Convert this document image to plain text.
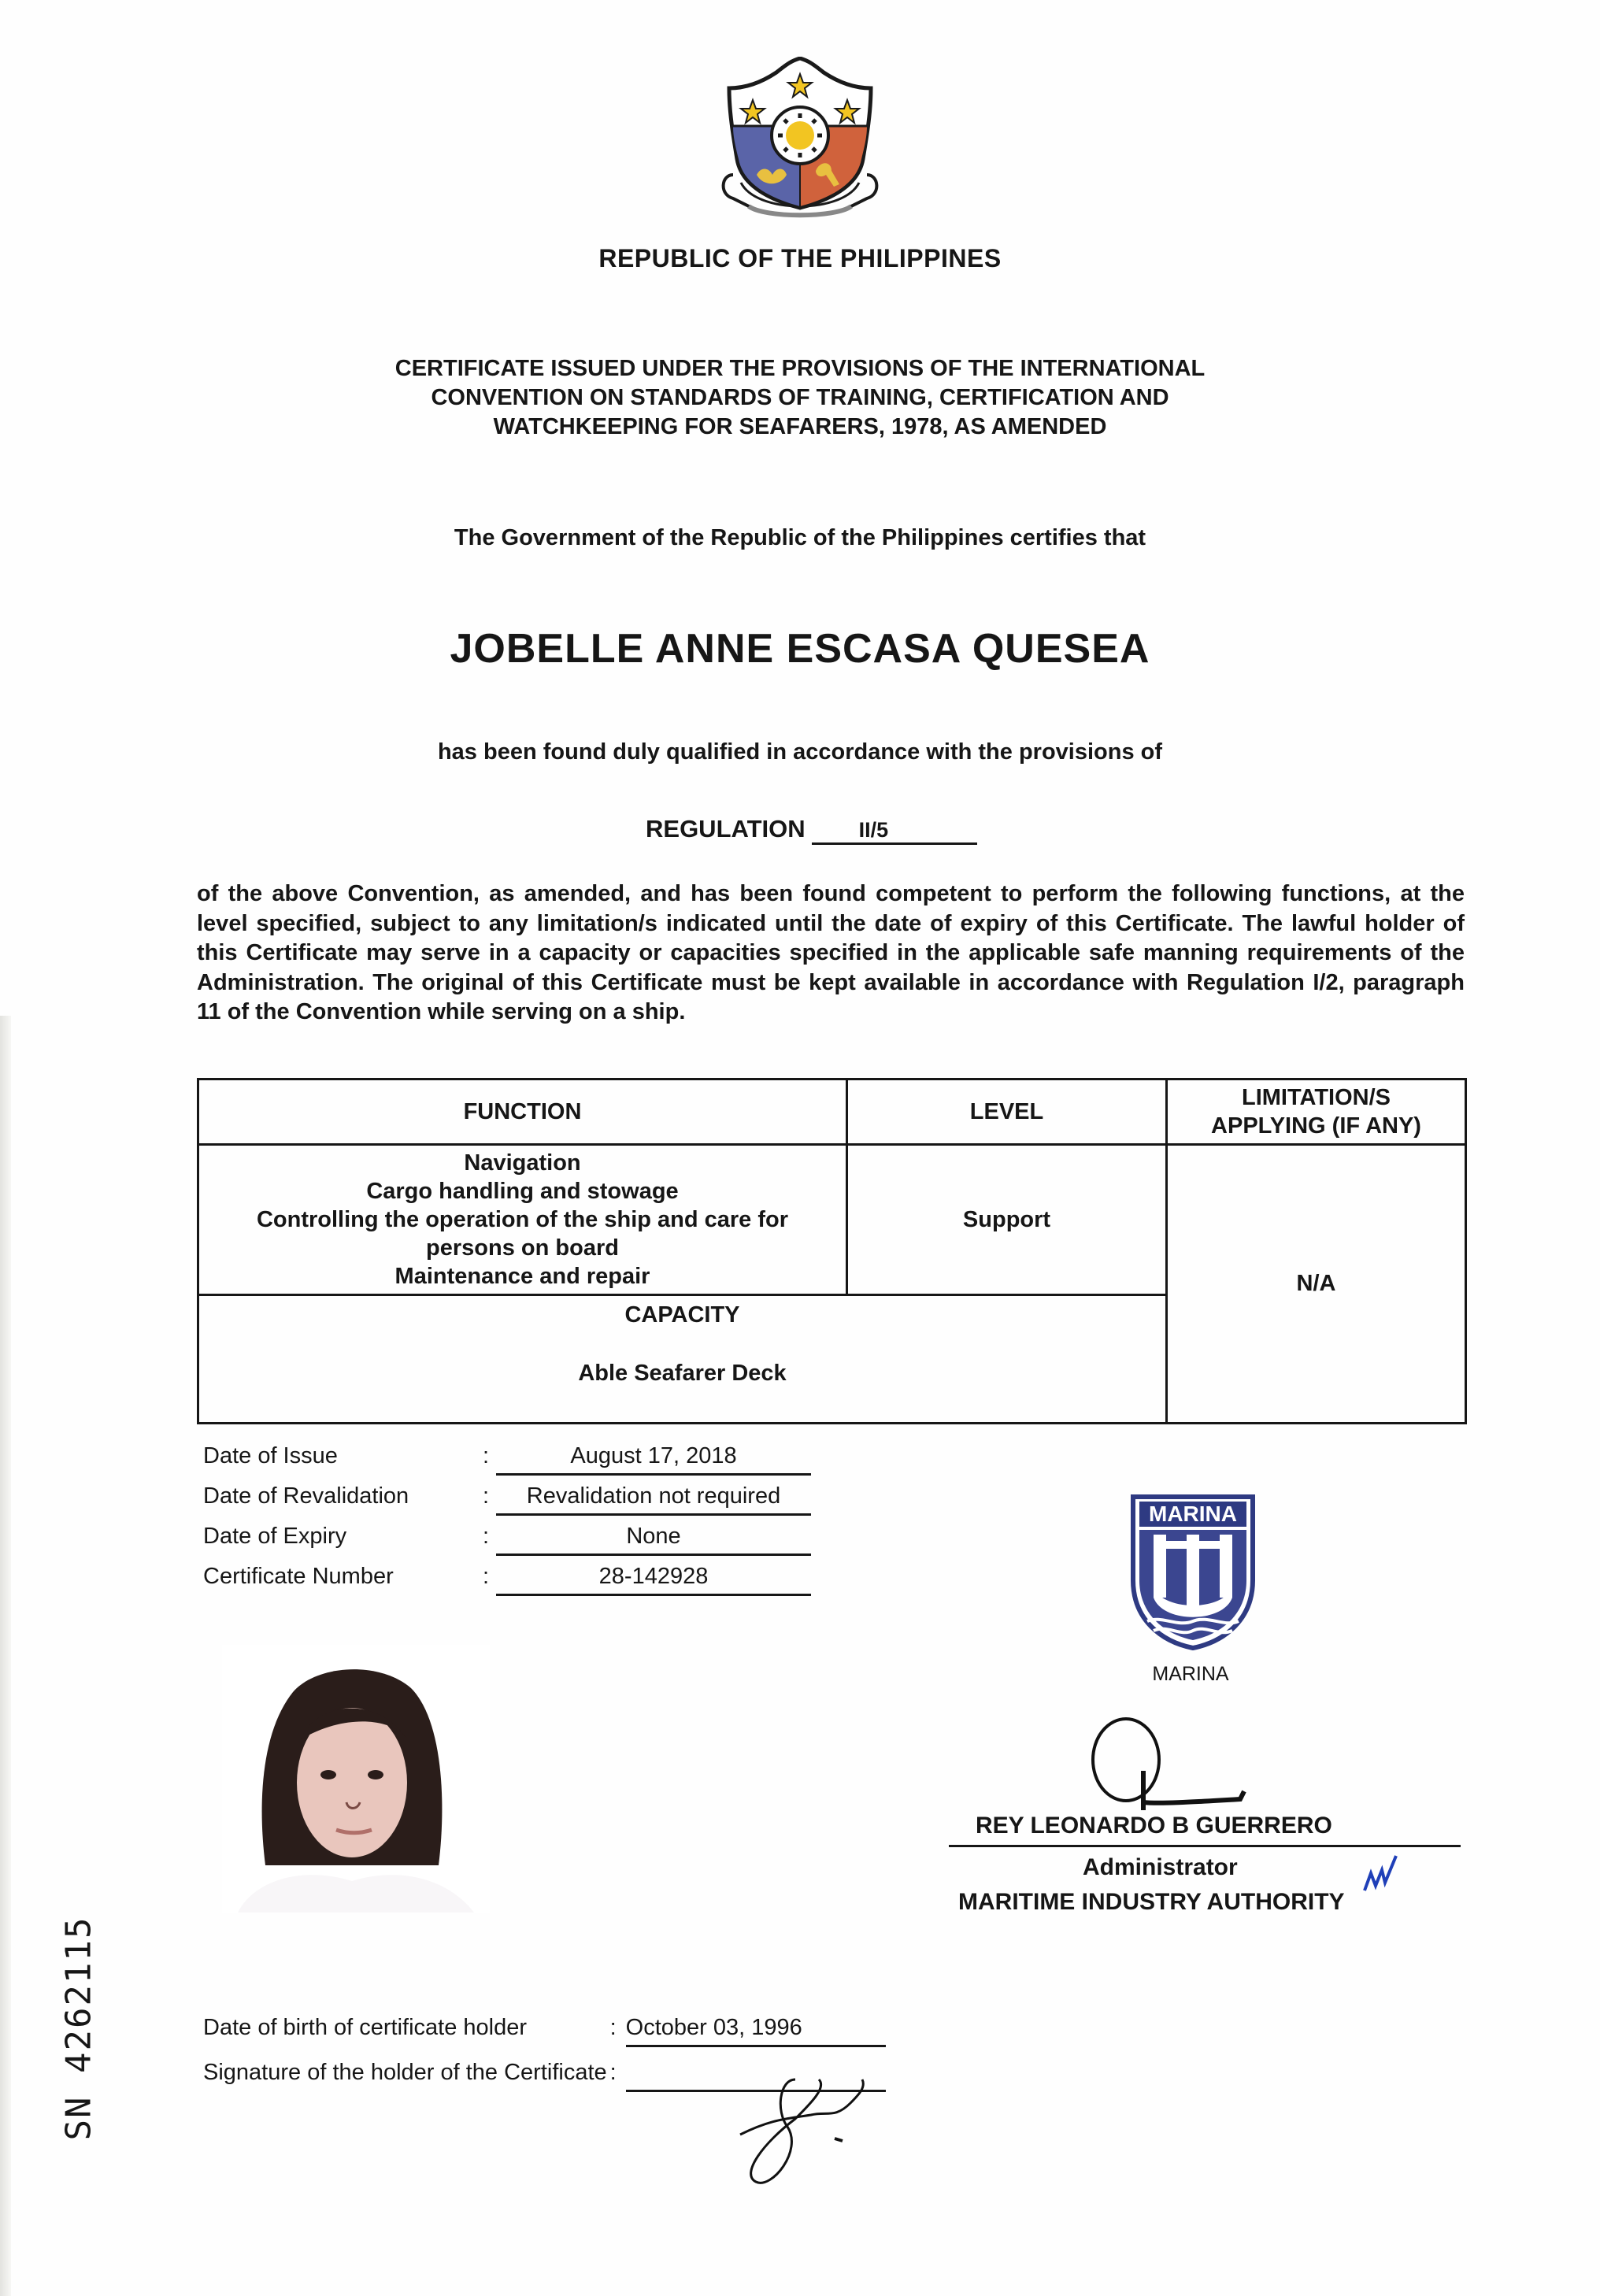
REPUBLIC OF THE PHILIPPINES
CERTIFICATE ISSUED UNDER THE PROVISIONS OF THE INTERNATIONAL
CONVENTION ON STANDARDS OF TRAINING, CERTIFICATION AND
WATCHKEEPING FOR SEAFARERS, 1978, AS AMENDED
The Government of the Republic of the Philippines certifies that
JOBELLE ANNE ESCASA QUESEA
has been found duly qualified in accordance with the provisions of
REGULATION	II/5
of the above Convention, as amended, and has been found competent to perform the following functions, at the level specified, subject to any limitation/s indicated until the date of expiry of this Certificate. The lawful holder of this Certificate may serve in a capacity or capacities specified in the applicable safe manning requirements of the Administration. The original of this Certificate must be kept available in accordance with Regulation I/2, paragraph 11 of the Convention while serving on a ship.
FUNCTION	LEVEL	LIMITATION/S
APPLYING (IF ANY)

Navigation
Cargo handling and stowage
Controlling the operation of the ship and care for
persons on board
Maintenance and repair	Support	N/A

CAPACITY
Able Seafarer Deck		
Date of Issue	:	August 17, 2018
Date of Revalidation	:	Revalidation not required
Date of Expiry	:	None
Certificate Number	:	28-142928
MARINA
MARINA
REY LEONARDO B GUERRERO
Administrator
MARITIME INDUSTRY AUTHORITY
SN 4262115	Date of birth of certificate holder	: October 03, 1996
Signature of the holder of the Certificate :
